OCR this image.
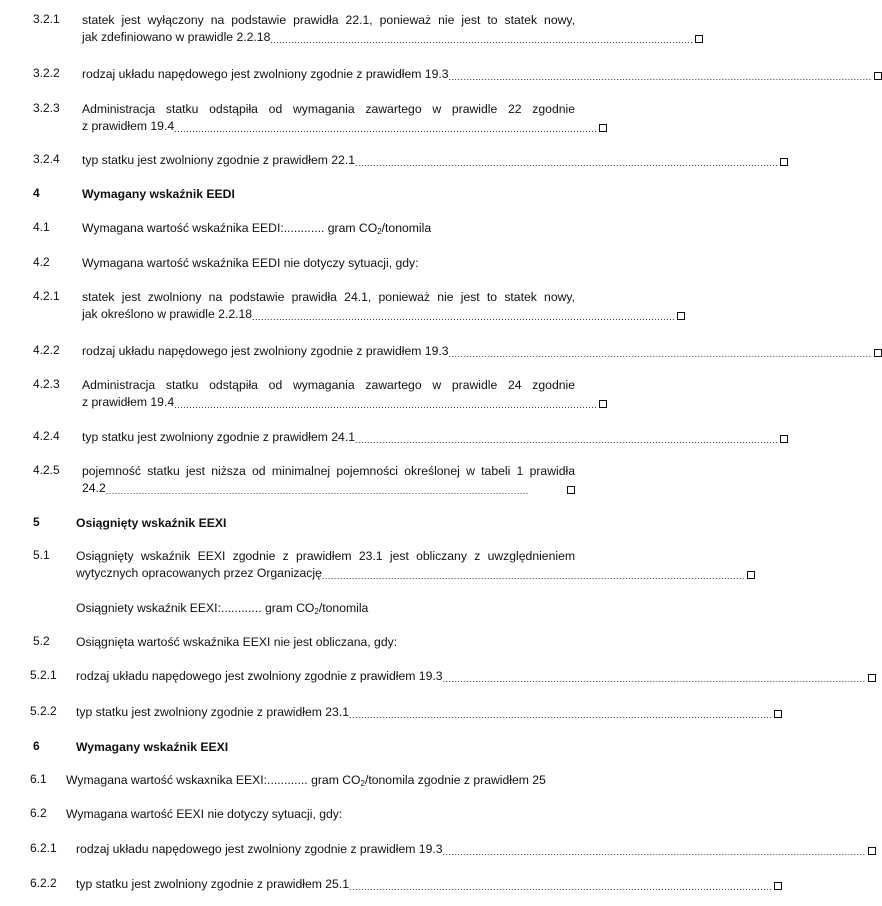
3.2.1 statek jest wyłączony na podstawie prawidła 22.1, ponieważ nie jest to statek nowy,
jak zdefiniowano w prawidle 2.2.18 .............................................................................................................................................
3.2.2 rodzaj układu napędowego jest zwolniony zgodnie z prawidłem 19.3 .............................................................................................................................................
3.2.3 Administracja statku odstąpiła od wymagania zawartego w prawidle 22 zgodnie
z prawidłem 19.4 .............................................................................................................................................
3.2.4 typ statku jest zwolniony zgodnie z prawidłem 22.1 .............................................................................................................................................
4	Wymagany wskaźnik EEDI
4.1	Wymagana wartość wskaźnika EEDI:............ gram $CO_2$/tonomila
4.2	Wymagana wartość wskaźnika EEDI nie dotyczy sytuacji, gdy:
4.2.1 statek jest zwolniony na podstawie prawidła 24.1, ponieważ nie jest to statek nowy,
jak określono w prawidle 2.2.18 .............................................................................................................................................
4.2.2 rodzaj układu napędowego jest zwolniony zgodnie z prawidłem 19.3 .............................................................................................................................................
4.2.3 Administracja statku odstąpiła od wymagania zawartego w prawidle 24 zgodnie
z prawidłem 19.4 .............................................................................................................................................
4.2.4 typ statku jest zwolniony zgodnie z prawidłem 24.1 .............................................................................................................................................
4.2.5 pojemność statku jest niższa od minimalnej pojemności określonej w tabeli 1 prawidła
24.2 .............................................................................................................................................
5	Osiągnięty wskaźnik EEXI
5.1 Osiągnięty wskaźnik EEXI zgodnie z prawidłem 23.1 jest obliczany z uwzględnieniem
wytycznych opracowanych przez Organizację .............................................................................................................................................
Osiągniety wskaźnik EEXI:............ gram $CO_2$/tonomila
5.2 Osiągnięta wartość wskaźnika EEXI nie jest obliczana, gdy:
5.2.1 rodzaj układu napędowego jest zwolniony zgodnie z prawidłem 19.3 .............................................................................................................................................
5.2.2 typ statku jest zwolniony zgodnie z prawidłem 23.1 .............................................................................................................................................
6	Wymagany wskaźnik EEXI
6.1 Wymagana wartość wskaxnika EEXI:............ gram $CO_2$/tonomila zgodnie z prawidłem 25
6.2 Wymagana wartość EEXI nie dotyczy sytuacji, gdy:
6.2.1 rodzaj układu napędowego jest zwolniony zgodnie z prawidłem 19.3 .............................................................................................................................................
6.2.2 typ statku jest zwolniony zgodnie z prawidłem 25.1 .............................................................................................................................................
